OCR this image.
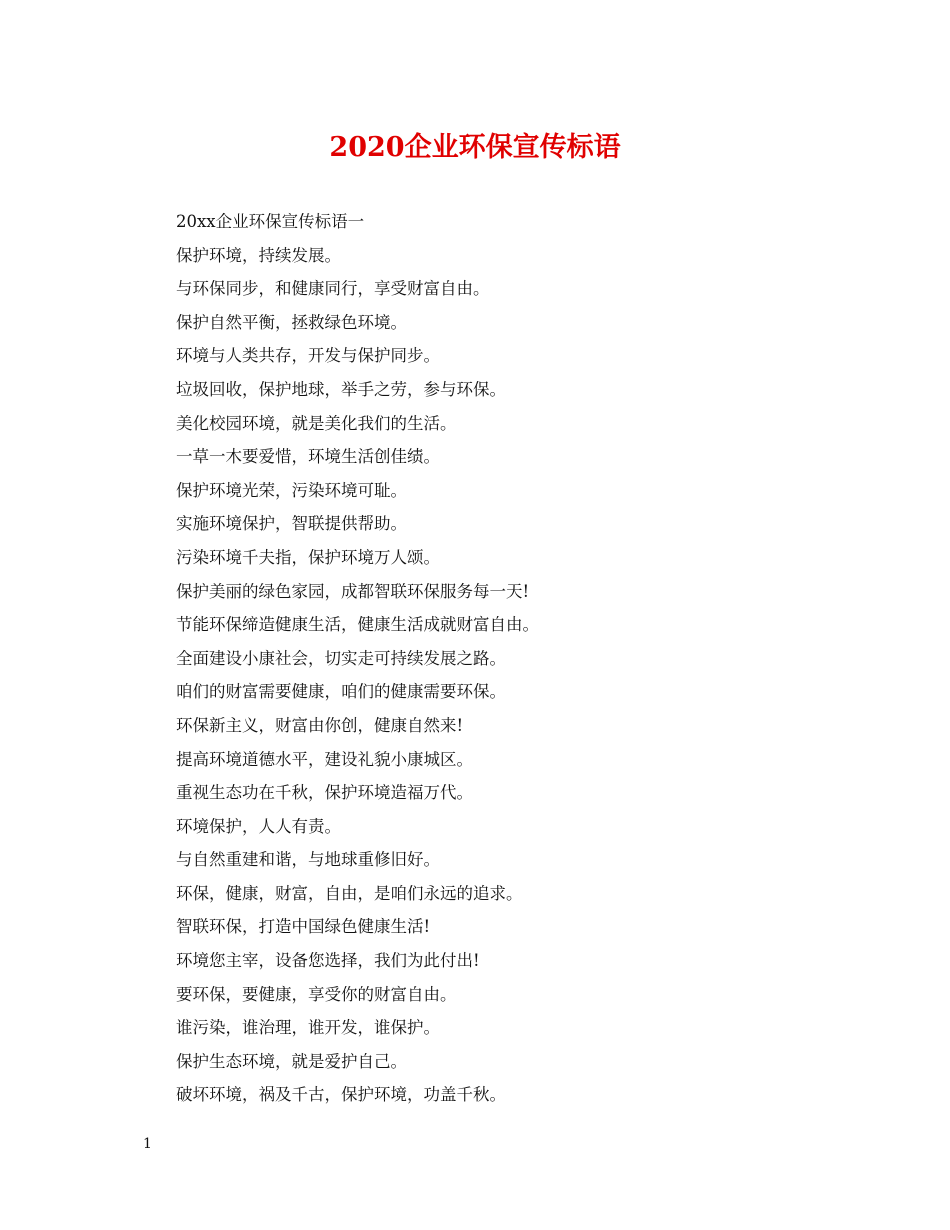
2020企业环保宣传标语
20xx企业环保宣传标语一
保护环境，持续发展。
与环保同步，和健康同行，享受财富自由。
保护自然平衡，拯救绿色环境。
环境与人类共存，开发与保护同步。
垃圾回收，保护地球，举手之劳，参与环保。
美化校园环境，就是美化我们的生活。
一草一木要爱惜，环境生活创佳绩。
保护环境光荣，污染环境可耻。
实施环境保护，智联提供帮助。
污染环境千夫指，保护环境万人颂。
保护美丽的绿色家园，成都智联环保服务每一天!
节能环保缔造健康生活，健康生活成就财富自由。
全面建设小康社会，切实走可持续发展之路。
咱们的财富需要健康，咱们的健康需要环保。
环保新主义，财富由你创，健康自然来!
提高环境道德水平，建设礼貌小康城区。
重视生态功在千秋，保护环境造福万代。
环境保护，人人有责。
与自然重建和谐，与地球重修旧好。
环保，健康，财富，自由，是咱们永远的追求。
智联环保，打造中国绿色健康生活!
环境您主宰，设备您选择，我们为此付出!
要环保，要健康，享受你的财富自由。
谁污染，谁治理，谁开发，谁保护。
保护生态环境，就是爱护自己。
破坏环境，祸及千古，保护环境，功盖千秋。
1
